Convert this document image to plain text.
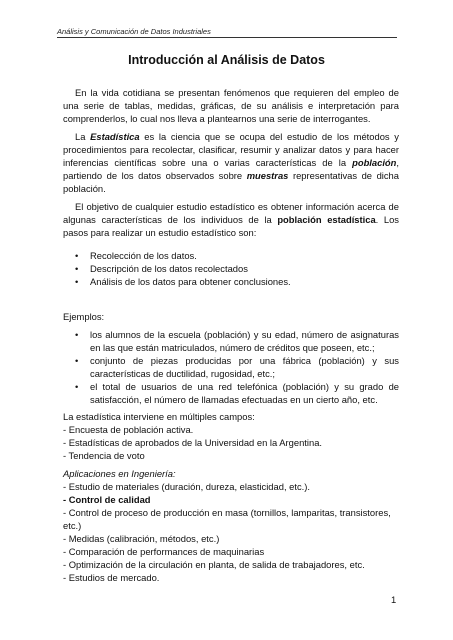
Análisis y Comunicación de Datos Industriales
Introducción al Análisis de Datos

En la vida cotidiana se presentan fenómenos que requieren del empleo de una serie de tablas, medidas, gráficas, de su análisis e interpretación para comprenderlos, lo cual nos lleva a plantearnos una serie de interrogantes.

La Estadística es la ciencia que se ocupa del estudio de los métodos y procedimientos para recolectar, clasificar, resumir y analizar datos y para hacer inferencias científicas sobre una o varias características de la población, partiendo de los datos observados sobre muestras representativas de dicha población.

El objetivo de cualquier estudio estadístico es obtener información acerca de algunas características de los individuos de la población estadística. Los pasos para realizar un estudio estadístico son:

• Recolección de los datos.
• Descripción de los datos recolectados
• Análisis de los datos para obtener conclusiones.

Ejemplos:

• los alumnos de la escuela (población) y su edad, número de asignaturas en las que están matriculados, número de créditos que poseen, etc.;
• conjunto de piezas producidas por una fábrica (población) y sus características de ductilidad, rugosidad, etc.;
• el total de usuarios de una red telefónica (población) y su grado de satisfacción, el número de llamadas efectuadas en un cierto año, etc.

La estadística interviene en múltiples campos:

- Encuesta de población activa.

- Estadísticas de aprobados de la Universidad en la Argentina.

- Tendencia de voto

Aplicaciones en Ingeniería:

- Estudio de materiales (duración, dureza, elasticidad, etc.).

- Control de calidad

- Control de proceso de producción en masa (tornillos, lamparitas, transistores, etc.)

- Medidas (calibración, métodos, etc.)

- Comparación de performances de maquinarias

- Optimización de la circulación en planta, de salida de trabajadores, etc.

- Estudios de mercado.

1
